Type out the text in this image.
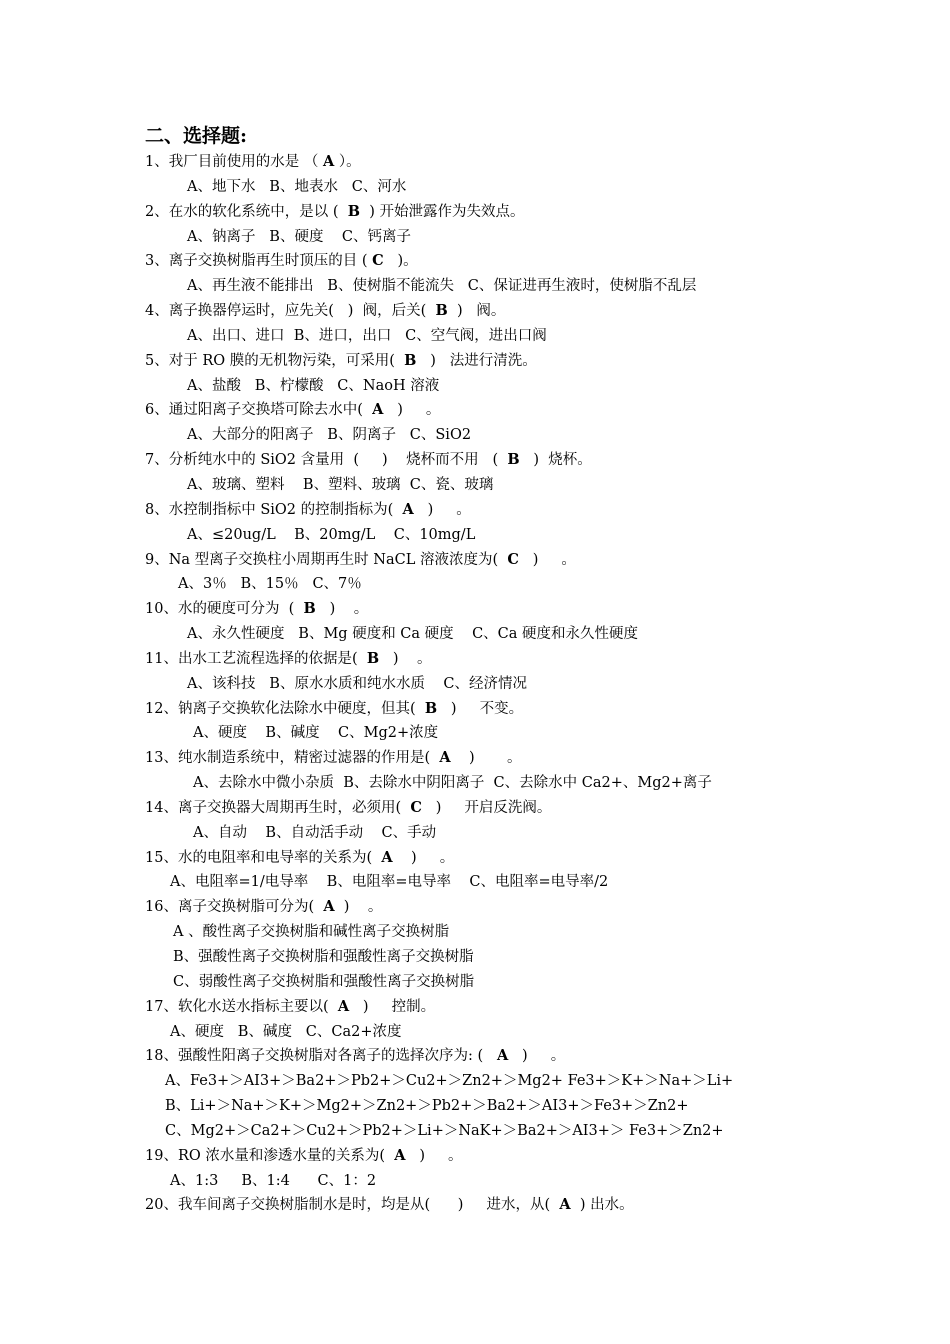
二、选择题:
1、我厂目前使用的水是 （ A ）。
A、地下水   B、地表水   C、河水
2、在水的软化系统中，是以 (  B  ) 开始泄露作为失效点。
A、钠离子   B、硬度    C、钙离子
3、离子交换树脂再生时顶压的目 ( C   )。
A、再生液不能排出   B、使树脂不能流失   C、保证进再生液时，使树脂不乱层
4、离子换器停运时，应先关(   )  阀，后关(  B  )   阀。
A、出口、进口  B、进口，出口   C、空气阀，进出口阀
5、对于 RO 膜的无机物污染，可采用(  B   )   法进行清洗。
A、盐酸   B、柠檬酸   C、NaoH 溶液
6、通过阳离子交换塔可除去水中(  A   )     。
A、大部分的阳离子   B、阴离子   C、SiO2
7、分析纯水中的 SiO2 含量用  (     )    烧杯而不用   (  B   )  烧杯。
A、玻璃、塑料    B、塑料、玻璃  C、瓷、玻璃
8、水控制指标中 SiO2 的控制指标为(  A   )     。
A、≤20ug/L    B、20mg/L    C、10mg/L
9、Na 型离子交换柱小周期再生时 NaCL 溶液浓度为(  C   )     。
A、3％   B、15％   C、7％
10、水的硬度可分为  (  B   )    。
A、永久性硬度   B、Mg 硬度和 Ca 硬度    C、Ca 硬度和永久性硬度
11、出水工艺流程选择的依据是(  B   )    。
A、该科技   B、原水水质和纯水水质    C、经济情况
12、钠离子交换软化法除水中硬度，但其(  B   )     不变。
A、硬度    B、碱度    C、Mg2+浓度
13、纯水制造系统中，精密过滤器的作用是(  A    )       。
A、去除水中微小杂质  B、去除水中阴阳离子  C、去除水中 Ca2+、Mg2+离子
14、离子交换器大周期再生时，必须用(  C   )     开启反洗阀。
A、自动    B、自动活手动    C、手动
15、水的电阻率和电导率的关系为(  A    )     。
A、电阻率=1/电导率    B、电阻率=电导率    C、电阻率=电导率/2
16、离子交换树脂可分为(  A  )    。
A 、酸性离子交换树脂和碱性离子交换树脂
B、强酸性离子交换树脂和强酸性离子交换树脂
C、弱酸性离子交换树脂和强酸性离子交换树脂
17、软化水送水指标主要以(  A   )     控制。
A、硬度   B、碱度   C、Ca2+浓度
18、强酸性阳离子交换树脂对各离子的选择次序为: (   A   )     。
A、Fe3+＞AI3+＞Ba2+＞Pb2+＞Cu2+＞Zn2+＞Mg2+ Fe3+＞K+＞Na+＞Li+
B、Li+＞Na+＞K+＞Mg2+＞Zn2+＞Pb2+＞Ba2+＞AI3+＞Fe3+＞Zn2+
C、Mg2+＞Ca2+＞Cu2+＞Pb2+＞Li+＞NaK+＞Ba2+＞AI3+＞ Fe3+＞Zn2+
19、RO 浓水量和渗透水量的关系为(  A   )     。
A、1:3     B、1:4      C、1：2
20、我车间离子交换树脂制水是时，均是从(      )     进水，从(  A  ) 出水。
